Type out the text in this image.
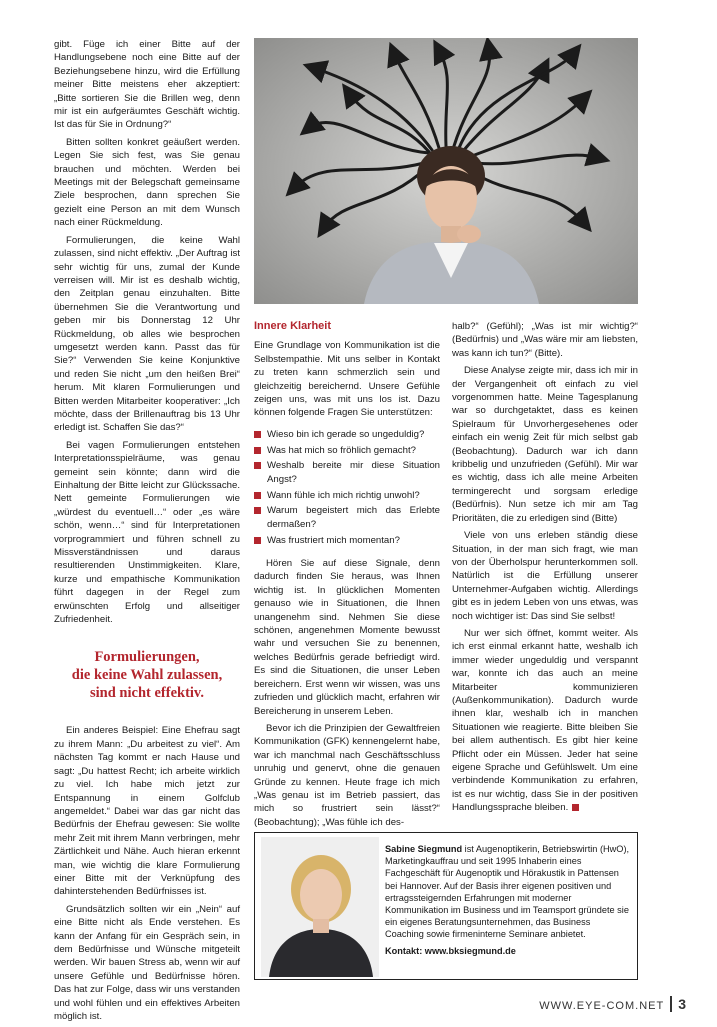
gibt. Füge ich einer Bitte auf der Handlungsebene noch eine Bitte auf der Beziehungsebene hinzu, wird die Erfüllung meiner Bitte meistens eher akzeptiert: „Bitte sortieren Sie die Brillen weg, denn mir ist ein aufgeräumtes Geschäft wichtig. Ist das für Sie in Ordnung?“

Bitten sollten konkret geäußert werden. Legen Sie sich fest, was Sie genau brauchen und möchten. Werden bei Meetings mit der Belegschaft gemeinsame Ziele besprochen, dann sprechen Sie gezielt eine Person an mit dem Wunsch nach einer Rückmeldung.

Formulierungen, die keine Wahl zulassen, sind nicht effektiv. „Der Auftrag ist sehr wichtig für uns, zumal der Kunde verreisen will. Mir ist es deshalb wichtig, den Zeitplan genau einzuhalten. Bitte übernehmen Sie die Verantwortung und geben mir bis Donnerstag 12 Uhr Rückmeldung, ob alles wie besprochen umgesetzt werden kann. Passt das für Sie?“ Verwenden Sie keine Konjunktive und reden Sie nicht „um den heißen Brei“ herum. Mit klaren Formulierungen und Bitten werden Mitarbeiter kooperativer: „Ich möchte, dass der Brillenauftrag bis 13 Uhr erledigt ist. Schaffen Sie das?“

Bei vagen Formulierungen entstehen Interpretationsspielräume, was genau gemeint sein könnte; dann wird die Einhaltung der Bitte leicht zur Glückssache. Nett gemeinte Formulierungen wie „würdest du eventuell…“ oder „es wäre schön, wenn…“ sind für Interpretationen vorprogrammiert und führen schnell zu Missverständnissen und daraus resultierenden Unstimmigkeiten. Klare, kurze und empathische Kommunikation führt dagegen in der Regel zum erwünschten Erfolg und allseitiger Zufriedenheit.

Formulierungen,
die keine Wahl zulassen,
sind nicht effektiv.

Ein anderes Beispiel: Eine Ehefrau sagt zu ihrem Mann: „Du arbeitest zu viel“. Am nächsten Tag kommt er nach Hause und sagt: „Du hattest Recht; ich arbeite wirklich zu viel. Ich habe mich jetzt zur Entspannung in einem Golfclub angemeldet.“ Dabei war das gar nicht das Bedürfnis der Ehefrau gewesen: Sie wollte mehr Zeit mit ihrem Mann verbringen, mehr Zärtlichkeit und Nähe. Auch hieran erkennt man, wie wichtig die klare Formulierung einer Bitte mit der Verknüpfung des dahinterstehenden Bedürfnisses ist.

Grundsätzlich sollten wir ein „Nein“ auf eine Bitte nicht als Ende verstehen. Es kann der Anfang für ein Gespräch sein, in dem Bedürfnisse und Wünsche mitgeteilt werden. Wir bauen Stress ab, wenn wir auf unsere Gefühle und Bedürfnisse hören. Das hat zur Folge, dass wir uns verstanden und wohl fühlen und ein effektives Arbeiten möglich ist.

Innere Klarheit

Eine Grundlage von Kommunikation ist die Selbstempathie. Mit uns selber in Kontakt zu treten kann schmerzlich sein und gleichzeitig bereichernd. Unsere Gefühle zeigen uns, was mit uns los ist. Dazu können folgende Fragen Sie unterstützen:

Wieso bin ich gerade so ungeduldig?
Was hat mich so fröhlich gemacht?
Weshalb bereite mir diese Situation Angst?
Wann fühle ich mich richtig unwohl?
Warum begeistert mich das Erlebte dermaßen?
Was frustriert mich momentan?

Hören Sie auf diese Signale, denn dadurch finden Sie heraus, was Ihnen wichtig ist. In glücklichen Momenten genauso wie in Situationen, die Ihnen unangenehm sind. Nehmen Sie diese schönen, angenehmen Momente bewusst wahr und versuchen Sie zu benennen, welches Bedürfnis gerade befriedigt wird. Es sind die Situationen, die unser Leben bereichern. Erst wenn wir wissen, was uns zufrieden und glücklich macht, erfahren wir Bereicherung in unserem Leben.

Bevor ich die Prinzipien der Gewaltfreien Kommunikation (GFK) kennengelernt habe, war ich manchmal nach Geschäftsschluss unruhig und genervt, ohne die genauen Gründe zu kennen. Heute frage ich mich „Was genau ist im Betrieb passiert, das mich so frustriert sein lässt?“ (Beobachtung); „Was fühle ich des-

halb?“ (Gefühl); „Was ist mir wichtig?“ (Bedürfnis) und „Was wäre mir am liebsten, was kann ich tun?“ (Bitte).

Diese Analyse zeigte mir, dass ich mir in der Vergangenheit oft einfach zu viel vorgenommen hatte. Meine Tagesplanung war so durchgetaktet, dass es keinen Spielraum für Unvorhergesehenes oder einfach ein wenig Zeit für mich selbst gab (Beobachtung). Dadurch war ich dann kribbelig und unzufrieden (Gefühl). Mir war es wichtig, dass ich alle meine Arbeiten termingerecht und sorgsam erledige (Bedürfnis). Nun setze ich mir am Tag Prioritäten, die zu erledigen sind (Bitte)

Viele von uns erleben ständig diese Situation, in der man sich fragt, wie man von der Überholspur herunterkommen soll. Natürlich ist die Erfüllung unserer Unternehmer-Aufgaben wichtig. Allerdings gibt es in jedem Leben von uns etwas, was noch wichtiger ist: Das sind Sie selbst!

Nur wer sich öffnet, kommt weiter. Als ich erst einmal erkannt hatte, weshalb ich immer wieder ungeduldig und verspannt war, konnte ich das auch an meine Mitarbeiter kommunizieren (Außenkommunikation). Dadurch wurde ihnen klar, weshalb ich in manchen Situationen wie reagierte. Bitte bleiben Sie bei allem authentisch. Es gibt hier keine Pflicht oder ein Müssen. Jeder hat seine eigene Sprache und Gefühlswelt. Um eine verbindende Kommunikation zu erfahren, ist es nur wichtig, dass Sie in der positiven Handlungssprache bleiben.

Sabine Siegmund ist Augenoptikerin, Betriebswirtin (HwO), Marketingkauffrau und seit 1995 Inhaberin eines Fachgeschäft für Augenoptik und Hörakustik in Pattensen bei Hannover. Auf der Basis ihrer eigenen positiven und ertragssteigernden Erfahrungen mit moderner Kommunikation im Business und im Teamsport gründete sie ein eigenes Beratungsunternehmen, das Business Coaching sowie firmeninterne Seminare anbietet.
Kontakt: www.bksiegmund.de
WWW.EYE-COM.NET 3
